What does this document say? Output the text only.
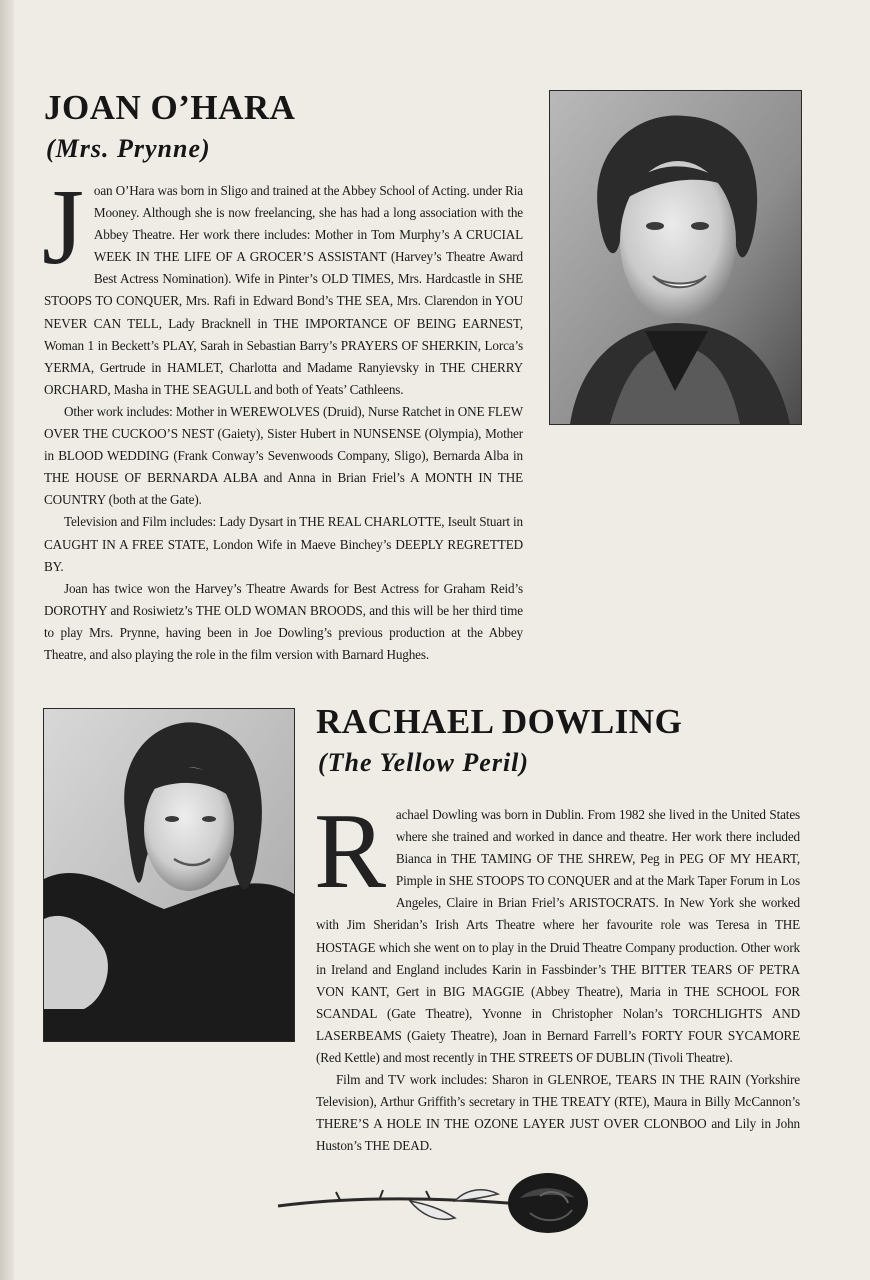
JOAN O’HARA
(Mrs. Prynne)

Joan O’Hara was born in Sligo and trained at the Abbey School of Acting. under Ria Mooney. Although she is now freelancing, she has had a long association with the Abbey Theatre. Her work there includes: Mother in Tom Murphy’s A CRUCIAL WEEK IN THE LIFE OF A GROCER’S ASSISTANT (Harvey’s Theatre Award Best Actress Nomination). Wife in Pinter’s OLD TIMES, Mrs. Hardcastle in SHE STOOPS TO CONQUER, Mrs. Rafi in Edward Bond’s THE SEA, Mrs. Clarendon in YOU NEVER CAN TELL, Lady Bracknell in THE IMPORTANCE OF BEING EARNEST, Woman 1 in Beckett’s PLAY, Sarah in Sebastian Barry’s PRAYERS OF SHERKIN, Lorca’s YERMA, Gertrude in HAMLET, Charlotta and Madame Ranyievsky in THE CHERRY ORCHARD, Masha in THE SEAGULL and both of Yeats’ Cathleens.

Other work includes: Mother in WEREWOLVES (Druid), Nurse Ratchet in ONE FLEW OVER THE CUCKOO’S NEST (Gaiety), Sister Hubert in NUNSENSE (Olympia), Mother in BLOOD WEDDING (Frank Conway’s Sevenwoods Company, Sligo), Bernarda Alba in THE HOUSE OF BERNARDA ALBA and Anna in Brian Friel’s A MONTH IN THE COUNTRY (both at the Gate).

Television and Film includes: Lady Dysart in THE REAL CHARLOTTE, Iseult Stuart in CAUGHT IN A FREE STATE, London Wife in Maeve Binchey’s DEEPLY REGRETTED BY.

Joan has twice won the Harvey’s Theatre Awards for Best Actress for Graham Reid’s DOROTHY and Rosiwietz’s THE OLD WOMAN BROODS, and this will be her third time to play Mrs. Prynne, having been in Joe Dowling’s previous production at the Abbey Theatre, and also playing the role in the film version with Barnard Hughes.

RACHAEL DOWLING
(The Yellow Peril)

Rachael Dowling was born in Dublin. From 1982 she lived in the United States where she trained and worked in dance and theatre. Her work there included Bianca in THE TAMING OF THE SHREW, Peg in PEG OF MY HEART, Pimple in SHE STOOPS TO CONQUER and at the Mark Taper Forum in Los Angeles, Claire in Brian Friel’s ARISTOCRATS. In New York she worked with Jim Sheridan’s Irish Arts Theatre where her favourite role was Teresa in THE HOSTAGE which she went on to play in the Druid Theatre Company production. Other work in Ireland and England includes Karin in Fassbinder’s THE BITTER TEARS OF PETRA VON KANT, Gert in BIG MAGGIE (Abbey Theatre), Maria in THE SCHOOL FOR SCANDAL (Gate Theatre), Yvonne in Christopher Nolan’s TORCHLIGHTS AND LASERBEAMS (Gaiety Theatre), Joan in Bernard Farrell’s FORTY FOUR SYCAMORE (Red Kettle) and most recently in THE STREETS OF DUBLIN (Tivoli Theatre).

Film and TV work includes: Sharon in GLENROE, TEARS IN THE RAIN (Yorkshire Television), Arthur Griffith’s secretary in THE TREATY (RTE), Maura in Billy McCannon’s THERE’S A HOLE IN THE OZONE LAYER JUST OVER CLONBOO and Lily in John Huston’s THE DEAD.
